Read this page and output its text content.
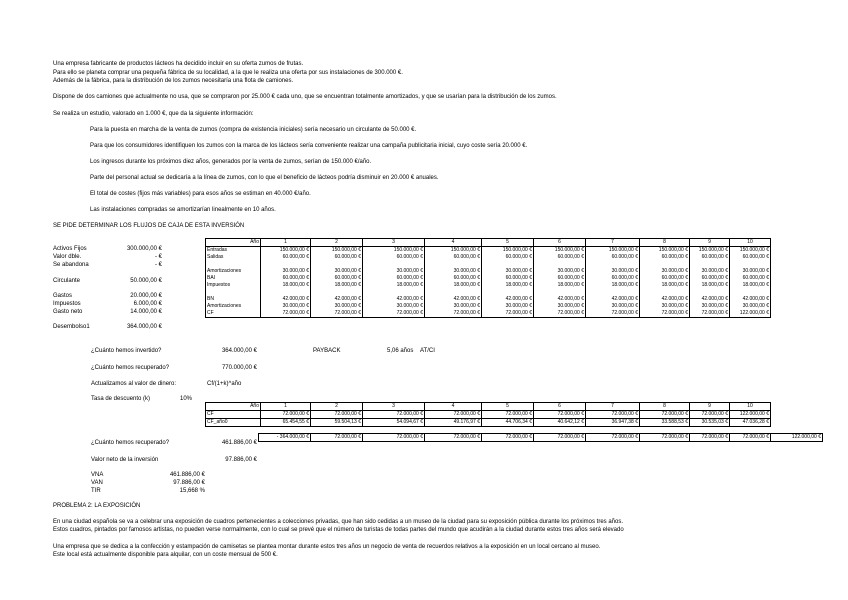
Una empresa fabricante de productos lácteos ha decidido incluir en su oferta zumos de frutas.
Para ello se planeta comprar una pequeña fábrica de su localidad, a la que le realiza una oferta por sus instalaciones de 300.000 €.
Además de la fábrica, para la distribución de los zumos necesitaría una flota de camiones.
Dispone de dos camiones que actualmente no usa, que se compraron por 25.000 € cada uno, que se encuentran totalmente amortizados, y que se usarían para la distribución de los zumos.
Se realiza un estudio, valorado en 1.000 €, que da la siguiente información:
Para la puesta en marcha de la venta de zumos (compra de existencia iniciales) sería necesario un circulante de 50.000 €.
Para que los consumidores identifiquen los zumos con la marca de los lácteos sería conveniente realizar una campaña publicitaria inicial, cuyo coste sería 20.000 €.
Los ingresos durante los próximos diez años, generados por la venta de zumos, serían de 150.000 €/año.
Parte del personal actual se dedicaría a la línea de zumos, con lo que el beneficio de lácteos podría disminuir en 20.000 € anuales.
El total de costes (fijos más variables) para esos años se estiman en 40.000 €/año.
Las instalaciones compradas se amortizarían linealmente en 10 años.
SE PIDE DETERMINAR LOS FLUJOS DE CAJA DE ESTA INVERSIÓN
Activos Fijos	300.000,00 €
Valor dble.	- €
Se abandona	- €
Circulante	50.000,00 €
Gastos	20.000,00 €
Impuestos	6.000,00 €
Gasto neto	14.000,00 €
Desembolso1	364.000,00 €
Año	1	2	3	4	5	6	7	8	9	10
Entradas	150.000,00 €	150.000,00 €	150.000,00 €	150.000,00 €	150.000,00 €	150.000,00 €	150.000,00 €	150.000,00 €	150.000,00 €	150.000,00 €
Salidas	60.000,00 €	60.000,00 €	60.000,00 €	60.000,00 €	60.000,00 €	60.000,00 €	60.000,00 €	60.000,00 €	60.000,00 €	60.000,00 €

Amortizaciones	30.000,00 €	30.000,00 €	30.000,00 €	30.000,00 €	30.000,00 €	30.000,00 €	30.000,00 €	30.000,00 €	30.000,00 €	30.000,00 €
BAI	60.000,00 €	60.000,00 €	60.000,00 €	60.000,00 €	60.000,00 €	60.000,00 €	60.000,00 €	60.000,00 €	60.000,00 €	60.000,00 €
Impuestos	18.000,00 €	18.000,00 €	18.000,00 €	18.000,00 €	18.000,00 €	18.000,00 €	18.000,00 €	18.000,00 €	18.000,00 €	18.000,00 €

BN	42.000,00 €	42.000,00 €	42.000,00 €	42.000,00 €	42.000,00 €	42.000,00 €	42.000,00 €	42.000,00 €	42.000,00 €	42.000,00 €
Amortizaciones	30.000,00 €	30.000,00 €	30.000,00 €	30.000,00 €	30.000,00 €	30.000,00 €	30.000,00 €	30.000,00 €	30.000,00 €	30.000,00 €
CF	72.000,00 €	72.000,00 €	72.000,00 €	72.000,00 €	72.000,00 €	72.000,00 €	72.000,00 €	72.000,00 €	72.000,00 €	122.000,00 €
¿Cuánto hemos invertido?	364.000,00 €	PAYBACK	5,06 años AT/CI
¿Cuánto hemos recuperado?	770.000,00 €
Actualizamos al valor de dinero:	Cf/(1+k)^año
Tasa de descuento (k)	10%
Año	1	2	3	4	5	6	7	8	9	10
CF	72.000,00 €	72.000,00 €	72.000,00 €	72.000,00 €	72.000,00 €	72.000,00 €	72.000,00 €	72.000,00 €	72.000,00 €	122.000,00 €
CF_año0	65.454,55 €	59.504,13 €	54.094,67 €	49.176,97 €	44.706,34 €	40.642,12 €	36.947,38 €	33.588,53 €	30.535,03 €	47.036,28 €
- 364.000,00 €	72.000,00 €	72.000,00 €	72.000,00 €	72.000,00 €	72.000,00 €	72.000,00 €	72.000,00 €	72.000,00 €	72.000,00 €	122.000,00 €
¿Cuánto hemos recuperado?	461.886,00 €
Valor neto de la inversión	97.886,00 €
VNA	461.886,00 €
VAN	97.886,00 €
TIR	15,668 %
PROBLEMA 2: LA EXPOSICIÓN
En una ciudad española se va a celebrar una exposición de cuadros pertenecientes a colecciones privadas, que han sido cedidas a un museo de la ciudad para su exposición pública durante los próximos tres años.
Estos cuadros, pintados por famosos artistas, no pueden verse normalmente, con lo cual se prevé que el número de turistas de todas partes del mundo que acudirán a la ciudad durante estos tres años será elevado
Una empresa que se dedica a la confección y estampación de camisetas se plantea montar durante estos tres años un negocio de venta de recuerdos relativos a la exposición en un local cercano al museo.
Este local está actualmente disponible para alquilar, con un coste mensual de 500 €.
